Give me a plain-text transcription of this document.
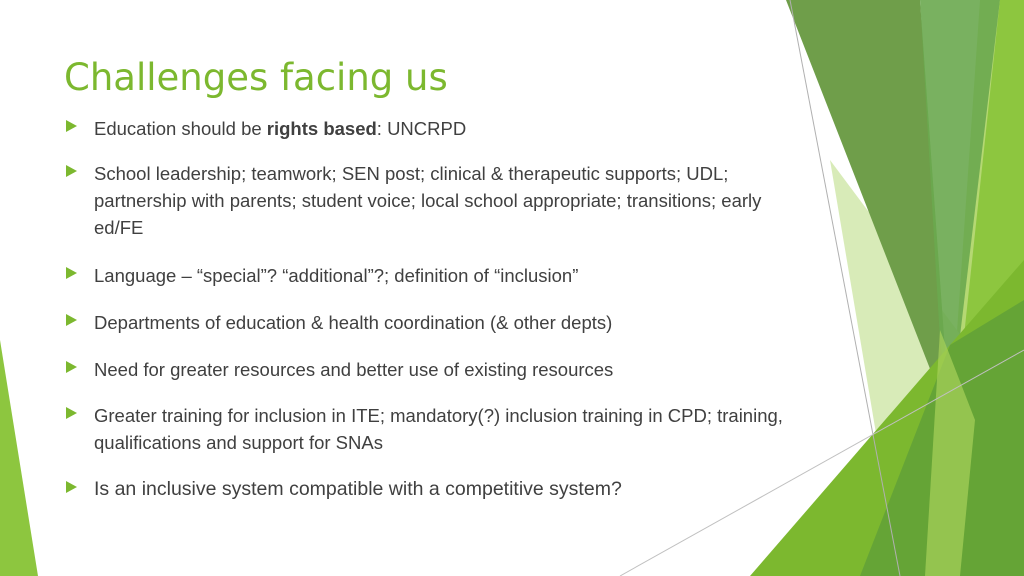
Challenges facing us
Education should be rights based: UNCRPD
School leadership; teamwork; SEN post; clinical & therapeutic supports; UDL; partnership with parents; student voice; local school appropriate; transitions; early ed/FE
Language – “special”? “additional”?; definition of “inclusion”
Departments of education & health coordination (& other depts)
Need for greater resources and better use of existing resources
Greater training for inclusion in ITE; mandatory(?) inclusion training in CPD; training, qualifications and support for SNAs
Is an inclusive system compatible with a competitive system?
